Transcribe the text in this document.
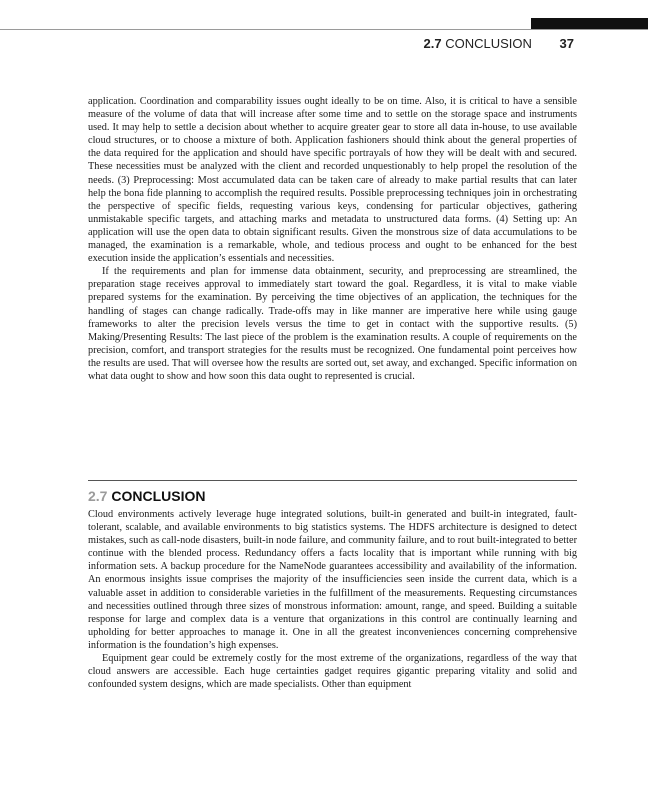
2.7 CONCLUSION 37

application. Coordination and comparability issues ought ideally to be on time. Also, it is critical to have a sensible measure of the volume of data that will increase after some time and to settle on the storage space and instruments used. It may help to settle a decision about whether to acquire greater gear to store all data in-house, to use available cloud structures, or to choose a mixture of both. Application fashioners should think about the general properties of the data required for the application and should have specific portrayals of how they will be dealt with and secured. These necessities must be analyzed with the client and recorded unquestionably to help propel the resolution of the needs. (3) Preprocessing: Most accumulated data can be taken care of already to make partial results that can later help the bona fide planning to accomplish the required results. Possible preprocessing techniques join in orchestrating the perspective of specific fields, requesting various keys, condensing for particular objectives, gathering unmistakable specific targets, and attaching marks and metadata to unstructured data forms. (4) Setting up: An application will use the open data to obtain significant results. Given the monstrous size of data accumulations to be managed, the examination is a remarkable, whole, and tedious process and ought to be enhanced for the best execution inside the application’s essentials and necessities.

If the requirements and plan for immense data obtainment, security, and preprocessing are streamlined, the preparation stage receives approval to immediately start toward the goal. Regardless, it is vital to make viable prepared systems for the examination. By perceiving the time objectives of an application, the techniques for the handling of stages can change radically. Trade-offs may in like manner are imperative here while using gauge frameworks to alter the precision levels versus the time to get in contact with the supportive results. (5) Making/Presenting Results: The last piece of the problem is the examination results. A couple of requirements on the precision, comfort, and transport strategies for the results must be recognized. One fundamental point perceives how the results are used. That will oversee how the results are sorted out, set away, and exchanged. Specific information on what data ought to show and how soon this data ought to represented is crucial.

2.7 CONCLUSION

Cloud environments actively leverage huge integrated solutions, built-in generated and built-in integrated, fault-tolerant, scalable, and available environments to big statistics systems. The HDFS architecture is designed to detect mistakes, such as call-node disasters, built-in node failure, and community failure, and to rout built-integrated to better continue with the blended process. Redundancy offers a facts locality that is important while running with big information sets. A backup procedure for the NameNode guarantees accessibility and availability of the information. An enormous insights issue comprises the majority of the insufficiencies seen inside the current data, which is a valuable asset in addition to considerable varieties in the fulfillment of the measurements. Requesting circumstances and necessities outlined through three sizes of monstrous information: amount, range, and speed. Building a suitable response for large and complex data is a venture that organizations in this control are continually learning and upholding for better approaches to manage it. One in all the greatest inconveniences concerning comprehensive information is the foundation’s high expenses.

Equipment gear could be extremely costly for the most extreme of the organizations, regardless of the way that cloud answers are accessible. Each huge certainties gadget requires gigantic preparing vitality and solid and confounded system designs, which are made specialists. Other than equipment
